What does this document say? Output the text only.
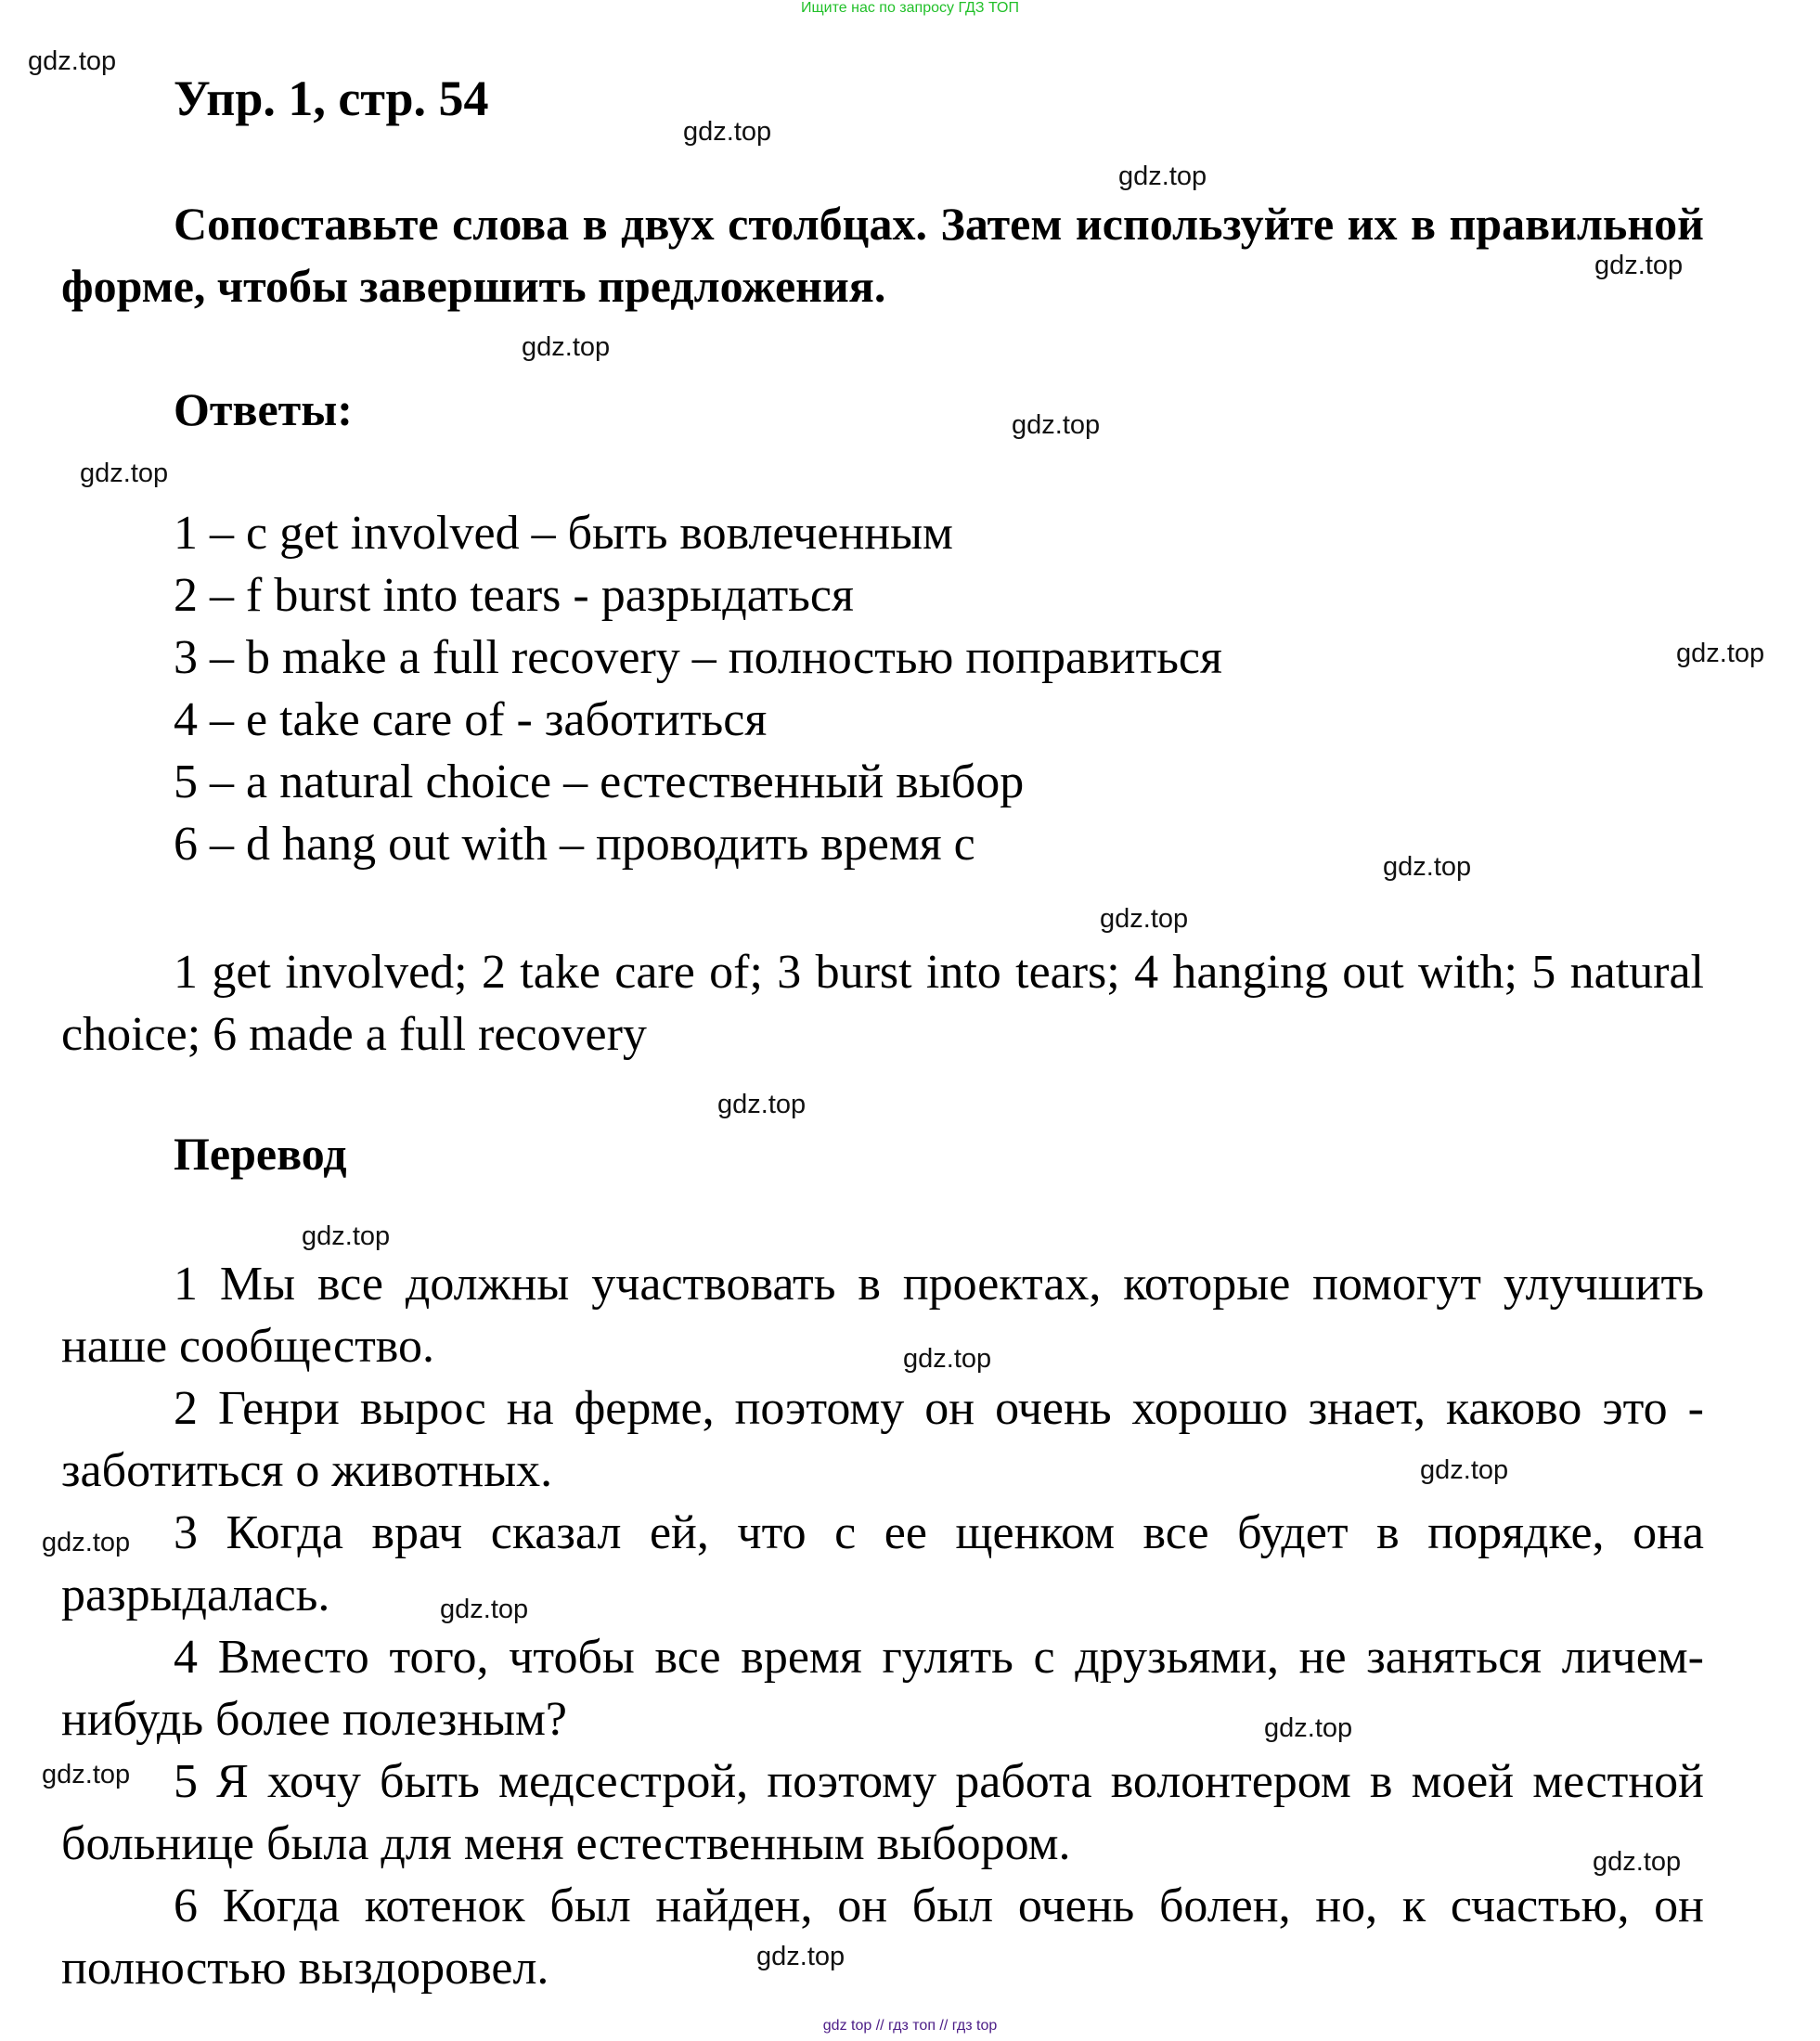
Ищите нас по запросу ГДЗ ТОП
gdz.top
Упр. 1, стр. 54
gdz.top
gdz.top
Сопоставьте слова в двух столбцах. Затем используйте их в правильной форме, чтобы завершить предложения.	gdz.top
gdz.top
Ответы:	gdz.top
gdz.top
1 – c get involved – быть вовлеченным
2 – f burst into tears - разрыдаться
3 – b make a full recovery – полностью поправиться	gdz.top
4 – e take care of - заботиться
5 – a natural choice – естественный выбор
6 – d hang out with – проводить время с	gdz.top
gdz.top
1 get involved; 2 take care of; 3 burst into tears; 4 hanging out with; 5 natural choice; 6 made a full recovery
gdz.top
Перевод
gdz.top
1 Мы все должны участвовать в проектах, которые помогут улучшить наше сообщество.	gdz.top
2 Генри вырос на ферме, поэтому он очень хорошо знает, каково это - заботиться о животных.	gdz.top
gdz.top 3 Когда врач сказал ей, что с ее щенком все будет в порядке, она разрыдалась.	gdz.top
4 Вместо того, чтобы все время гулять с друзьями, не заняться личем-нибудь более полезным?	gdz.top
gdz.top 5 Я хочу быть медсестрой, поэтому работа волонтером в моей местной больнице была для меня естественным выбором.	gdz.top
6 Когда котенок был найден, он был очень болен, но, к счастью, он полностью выздоровел.	gdz.top
gdz top // гдз топ // гдз top
